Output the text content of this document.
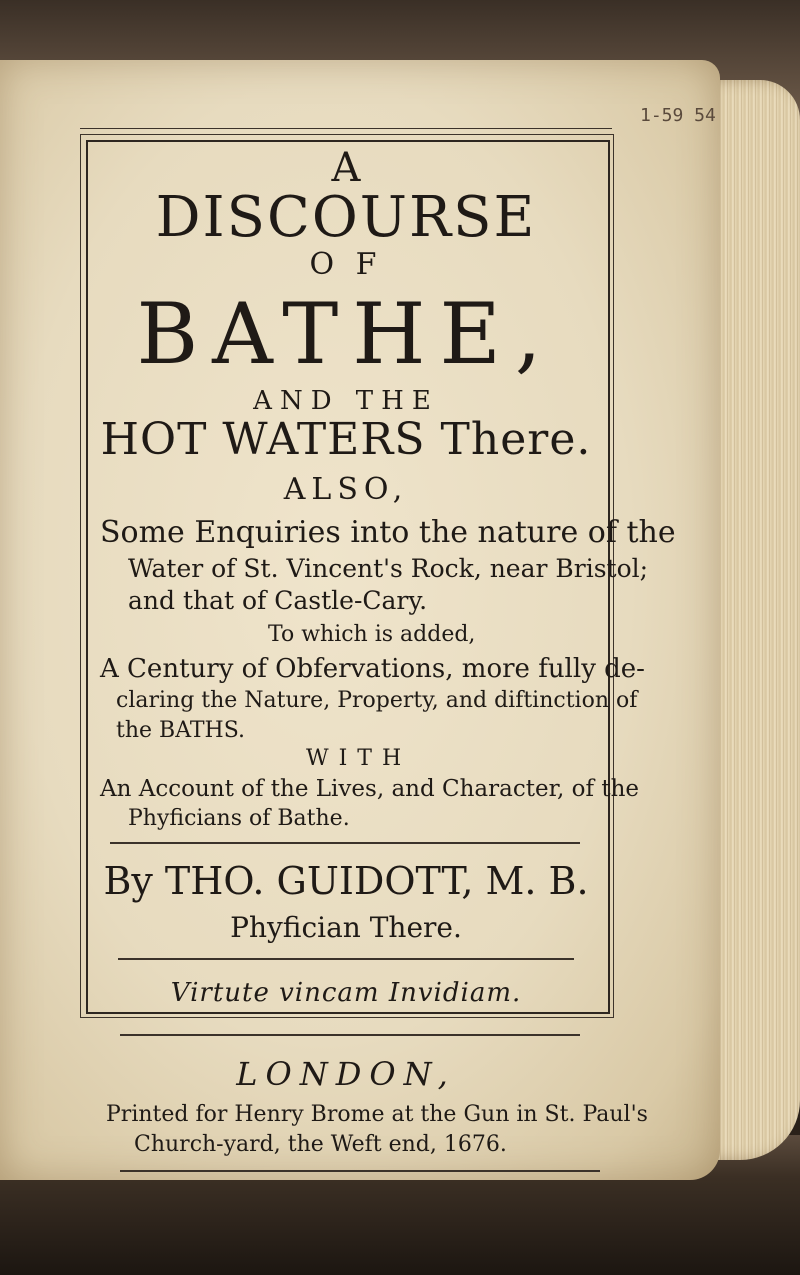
1-59 54
A
DISCOURSE
O F
BATHE,
AND THE
HOT WATERS There.
ALSO,
Some Enquiries into the nature of the
Water of St. Vincent's Rock, near Bristol;
and that of Castle-Cary.
To which is added,
A Century of Obfervations, more fully de-
claring the Nature, Property, and diftinction of
the BATHS.
WITH
An Account of the Lives, and Character, of the
Phyficians of Bathe.
By THO. GUIDOTT, M. B.
Phyfician There.
Virtute vincam Invidiam.
LONDON,
Printed for Henry Brome at the Gun in St. Paul's
Church-yard, the Weft end, 1676.
